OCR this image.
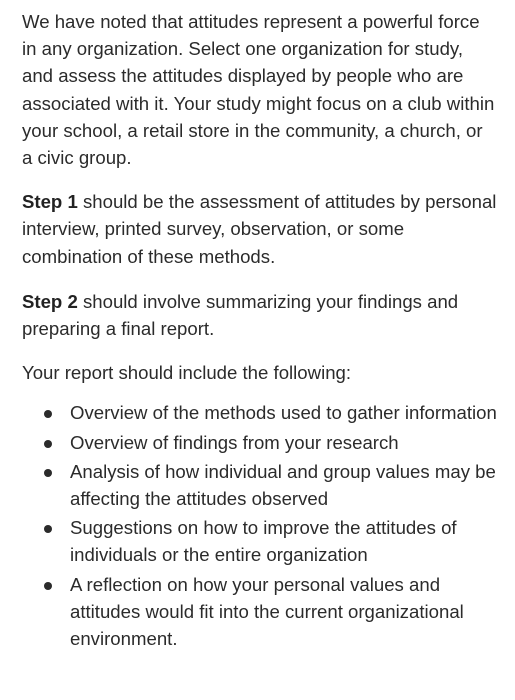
We have noted that attitudes represent a powerful force in any organization. Select one organization for study, and assess the attitudes displayed by people who are associated with it. Your study might focus on a club within your school, a retail store in the community, a church, or a civic group.

Step 1 should be the assessment of attitudes by personal interview, printed survey, observation, or some combination of these methods.

Step 2 should involve summarizing your findings and preparing a final report.

Your report should include the following:

Overview of the methods used to gather information
Overview of findings from your research
Analysis of how individual and group values may be affecting the attitudes observed
Suggestions on how to improve the attitudes of individuals or the entire organization
A reflection on how your personal values and attitudes would fit into the current organizational environment.
